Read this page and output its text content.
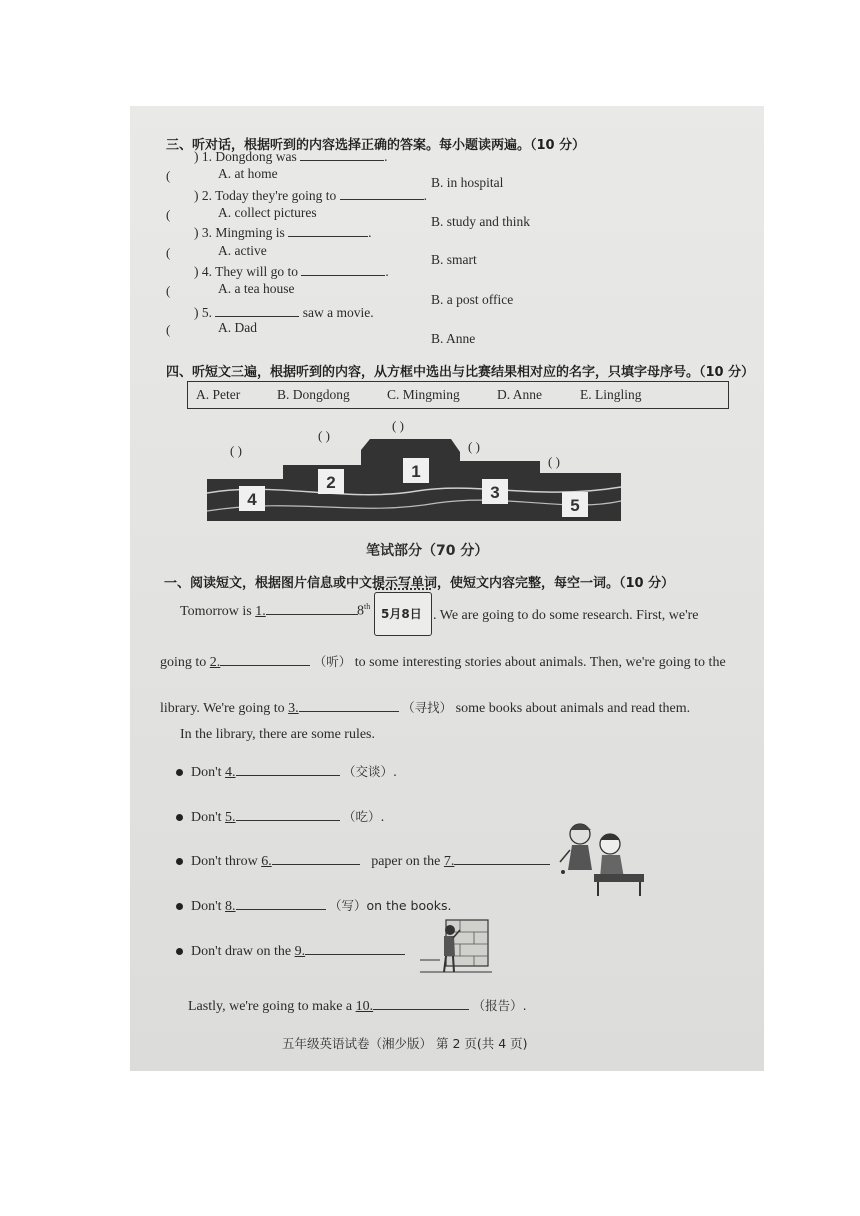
三、听对话，根据听到的内容选择正确的答案。每小题读两遍。（10 分）
) 1. Dongdong was	.
(	A. at home
B. in hospital
) 2. Today they're going to	.
(	A. collect pictures
B. study and think
) 3. Mingming is	.
(	A. active
B. smart
) 4. They will go to	.
(	A. a tea house
B. a post office
) 5.	saw a movie.
(	A. Dad
B. Anne
四、听短文三遍，根据听到的内容，从方框中选出与比赛结果相对应的名字，只填字母序号。（10 分）
A. Peter	B. Dongdong	C. Mingming	D. Anne	E. Lingling
( )
( )
( )
( )
( )
4
2
1
3
5
笔试部分（70 分）
一、阅读短文，根据图片信息或中文提示写单词，使短文内容完整，每空一词。（10 分）
Tomorrow is 1.	8th
5月8日 . We are going to do some research. First, we're
going to 2.	（听） to some interesting stories about animals. Then, we're going to the
library. We're going to 3.	（寻找） some books about animals and read them.
In the library, there are some rules.
Don't 4.	（交谈）.
Don't 5.	（吃）.
Don't throw 6.	paper on the 7.
Don't 8.	（写）on the books.
Don't draw on the 9.
Lastly, we're going to make a 10.	（报告）.
五年级英语试卷（湘少版） 第 2 页(共 4 页)
